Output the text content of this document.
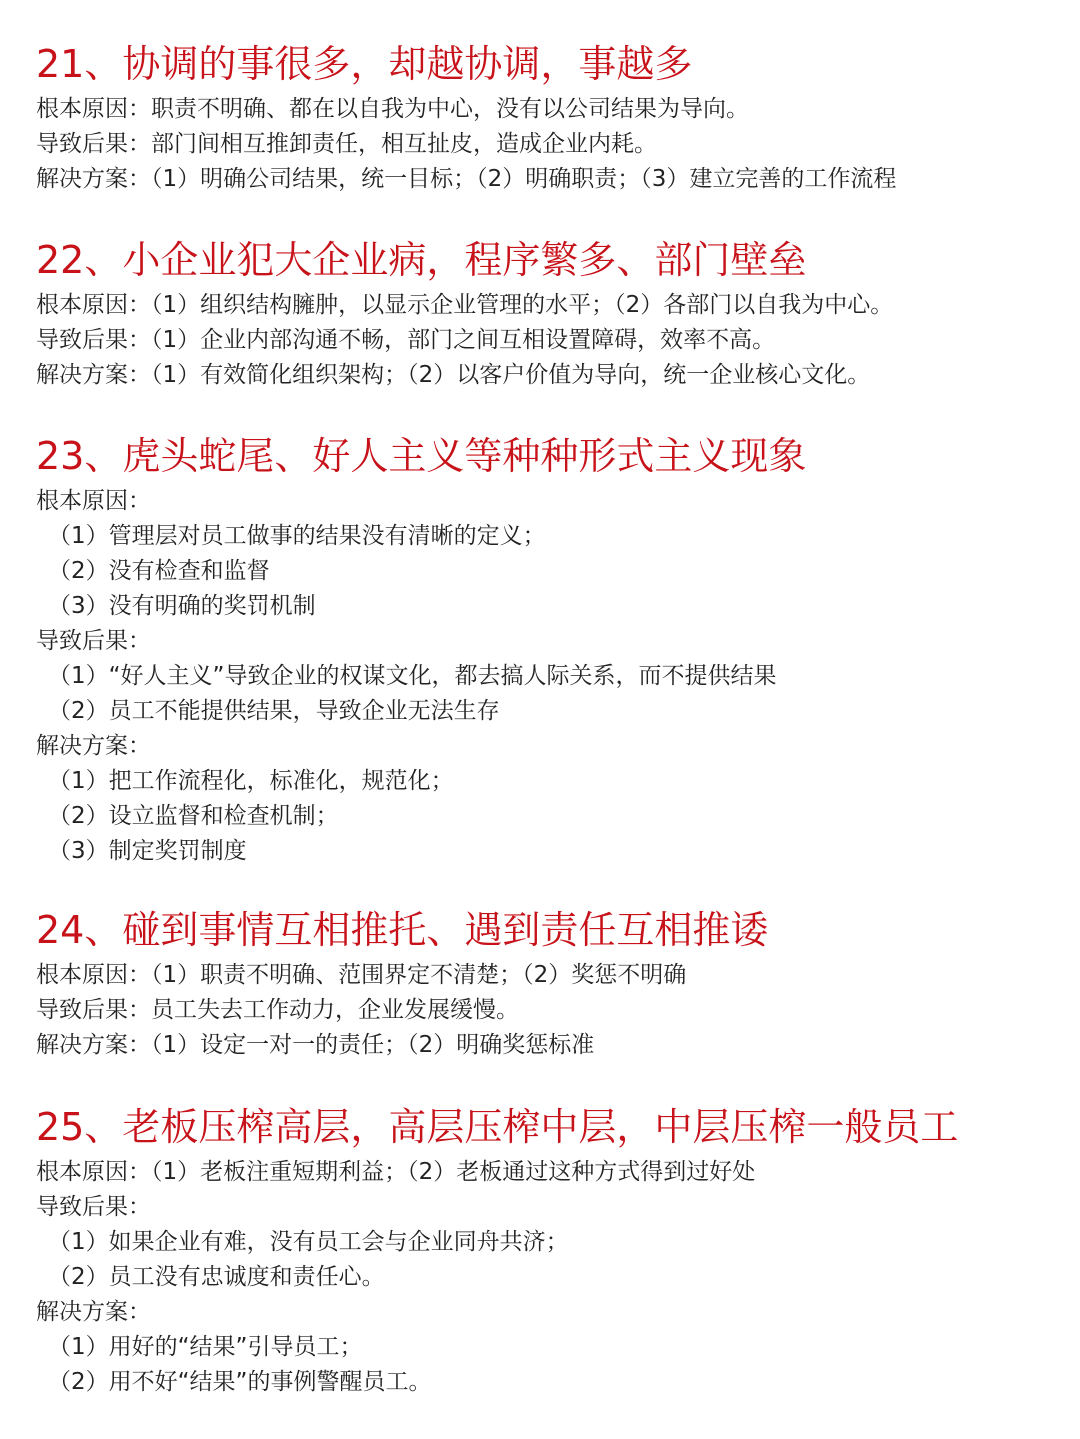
21、协调的事很多，却越协调，事越多

根本原因：职责不明确、都在以自我为中心，没有以公司结果为导向。

导致后果：部门间相互推卸责任，相互扯皮，造成企业内耗。

解决方案：（1）明确公司结果，统一目标；（2）明确职责；（3）建立完善的工作流程

22、小企业犯大企业病，程序繁多、部门壁垒

根本原因：（1）组织结构臃肿，以显示企业管理的水平；（2）各部门以自我为中心。

导致后果：（1）企业内部沟通不畅，部门之间互相设置障碍，效率不高。

解决方案：（1）有效简化组织架构；（2）以客户价值为导向，统一企业核心文化。

23、虎头蛇尾、好人主义等种种形式主义现象

根本原因：

（1）管理层对员工做事的结果没有清晰的定义；

（2）没有检查和监督

（3）没有明确的奖罚机制

导致后果：

（1）“好人主义”导致企业的权谋文化，都去搞人际关系，而不提供结果

（2）员工不能提供结果，导致企业无法生存

解决方案：

（1）把工作流程化，标准化，规范化；

（2）设立监督和检查机制；

（3）制定奖罚制度

24、碰到事情互相推托、遇到责任互相推诿

根本原因：（1）职责不明确、范围界定不清楚；（2）奖惩不明确

导致后果：员工失去工作动力，企业发展缓慢。

解决方案：（1）设定一对一的责任；（2）明确奖惩标准

25、老板压榨高层，高层压榨中层，中层压榨一般员工

根本原因：（1）老板注重短期利益；（2）老板通过这种方式得到过好处

导致后果：

（1）如果企业有难，没有员工会与企业同舟共济；

（2）员工没有忠诚度和责任心。

解决方案：

（1）用好的“结果”引导员工；

（2）用不好“结果”的事例警醒员工。
